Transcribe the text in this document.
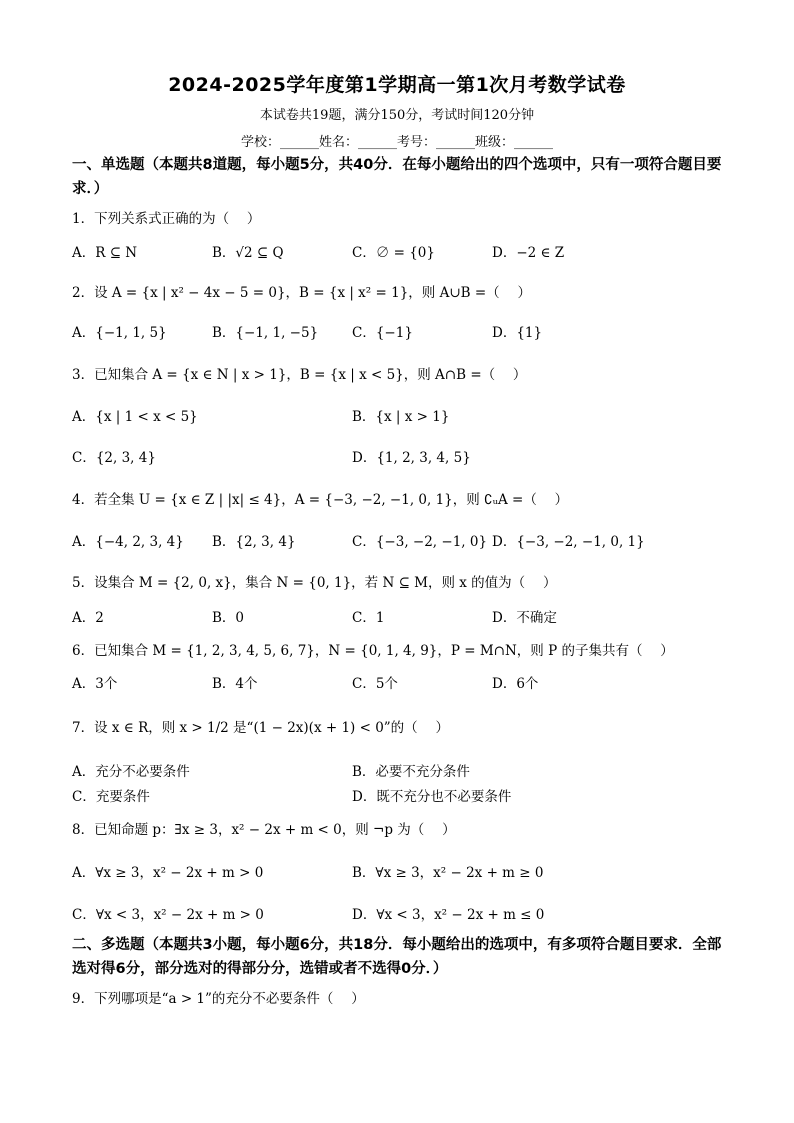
2024-2025学年度第1学期高一第1次月考数学试卷
本试卷共19题，满分150分，考试时间120分钟
学校：______姓名：______考号：______班级：______
一、单选题（本题共8道题，每小题5分，共40分．在每小题给出的四个选项中，只有一项符合题目要求．）
1．下列关系式正确的为（　 ）
A．R ⊆ N	B．√2 ⊆ Q	C．∅ = {0}	D．−2 ∈ Z
2．设 A = {x | x² − 4x − 5 = 0}，B = {x | x² = 1}，则 A∪B =（　 ）
A．{−1, 1, 5}	B．{−1, 1, −5}	C．{−1}	D．{1}
3．已知集合 A = {x ∈ N | x > 1}，B = {x | x < 5}，则 A∩B =（　 ）
A．{x | 1 < x < 5}	B．{x | x > 1}
C．{2, 3, 4}	D．{1, 2, 3, 4, 5}
4．若全集 U = {x ∈ Z | |x| ≤ 4}，A = {−3, −2, −1, 0, 1}，则 ∁ᵤA =（　 ）
A．{−4, 2, 3, 4} B．{2, 3, 4}	C．{−3, −2, −1, 0} D．{−3, −2, −1, 0, 1}
5．设集合 M = {2, 0, x}，集合 N = {0, 1}，若 N ⊆ M，则 x 的值为（　 ）
A．2	B．0	C．1	D．不确定
6．已知集合 M = {1, 2, 3, 4, 5, 6, 7}，N = {0, 1, 4, 9}，P = M∩N，则 P 的子集共有（　 ）
A．3个	B．4个	C．5个	D．6个
7．设 x ∈ R，则 x > 1/2 是“(1 − 2x)(x + 1) < 0”的（　 ）
A．充分不必要条件	B．必要不充分条件
C．充要条件	D．既不充分也不必要条件
8．已知命题 p：∃x ≥ 3，x² − 2x + m < 0，则 ¬p 为（　 ）
A．∀x ≥ 3，x² − 2x + m > 0	B．∀x ≥ 3，x² − 2x + m ≥ 0
C．∀x < 3，x² − 2x + m > 0	D．∀x < 3，x² − 2x + m ≤ 0
二、多选题（本题共3小题，每小题6分，共18分．每小题给出的选项中，有多项符合题目要求．全部选对得6分，部分选对的得部分分，选错或者不选得0分．）
9．下列哪项是“a > 1”的充分不必要条件（　 ）
